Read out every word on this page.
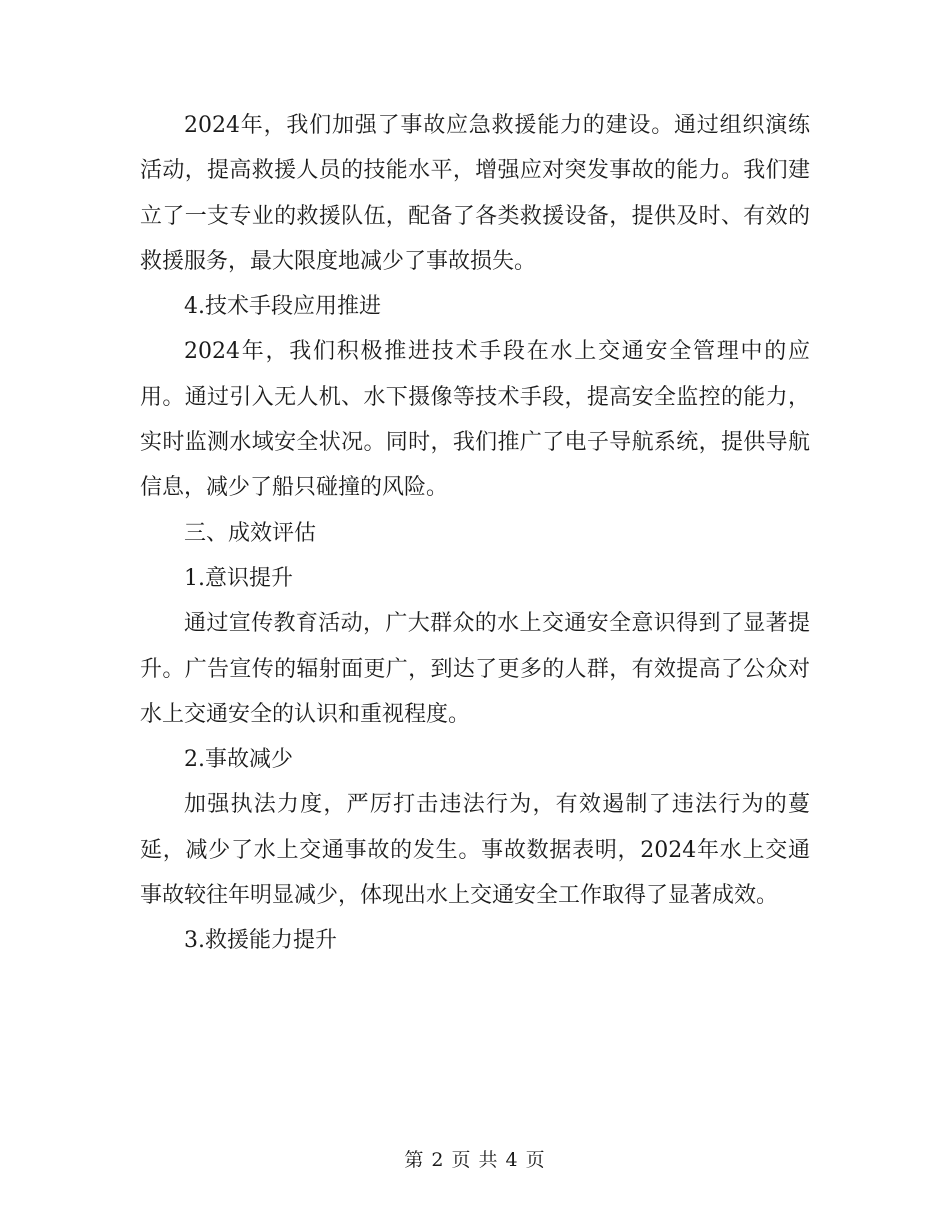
2024年，我们加强了事故应急救援能力的建设。通过组织演练活动，提高救援人员的技能水平，增强应对突发事故的能力。我们建立了一支专业的救援队伍，配备了各类救援设备，提供及时、有效的救援服务，最大限度地减少了事故损失。

4.技术手段应用推进

2024年，我们积极推进技术手段在水上交通安全管理中的应用。通过引入无人机、水下摄像等技术手段，提高安全监控的能力，实时监测水域安全状况。同时，我们推广了电子导航系统，提供导航信息，减少了船只碰撞的风险。

三、成效评估

1.意识提升

通过宣传教育活动，广大群众的水上交通安全意识得到了显著提升。广告宣传的辐射面更广，到达了更多的人群，有效提高了公众对水上交通安全的认识和重视程度。

2.事故减少

加强执法力度，严厉打击违法行为，有效遏制了违法行为的蔓延，减少了水上交通事故的发生。事故数据表明，2024年水上交通事故较往年明显减少，体现出水上交通安全工作取得了显著成效。

3.救援能力提升

第 2 页 共 4 页
